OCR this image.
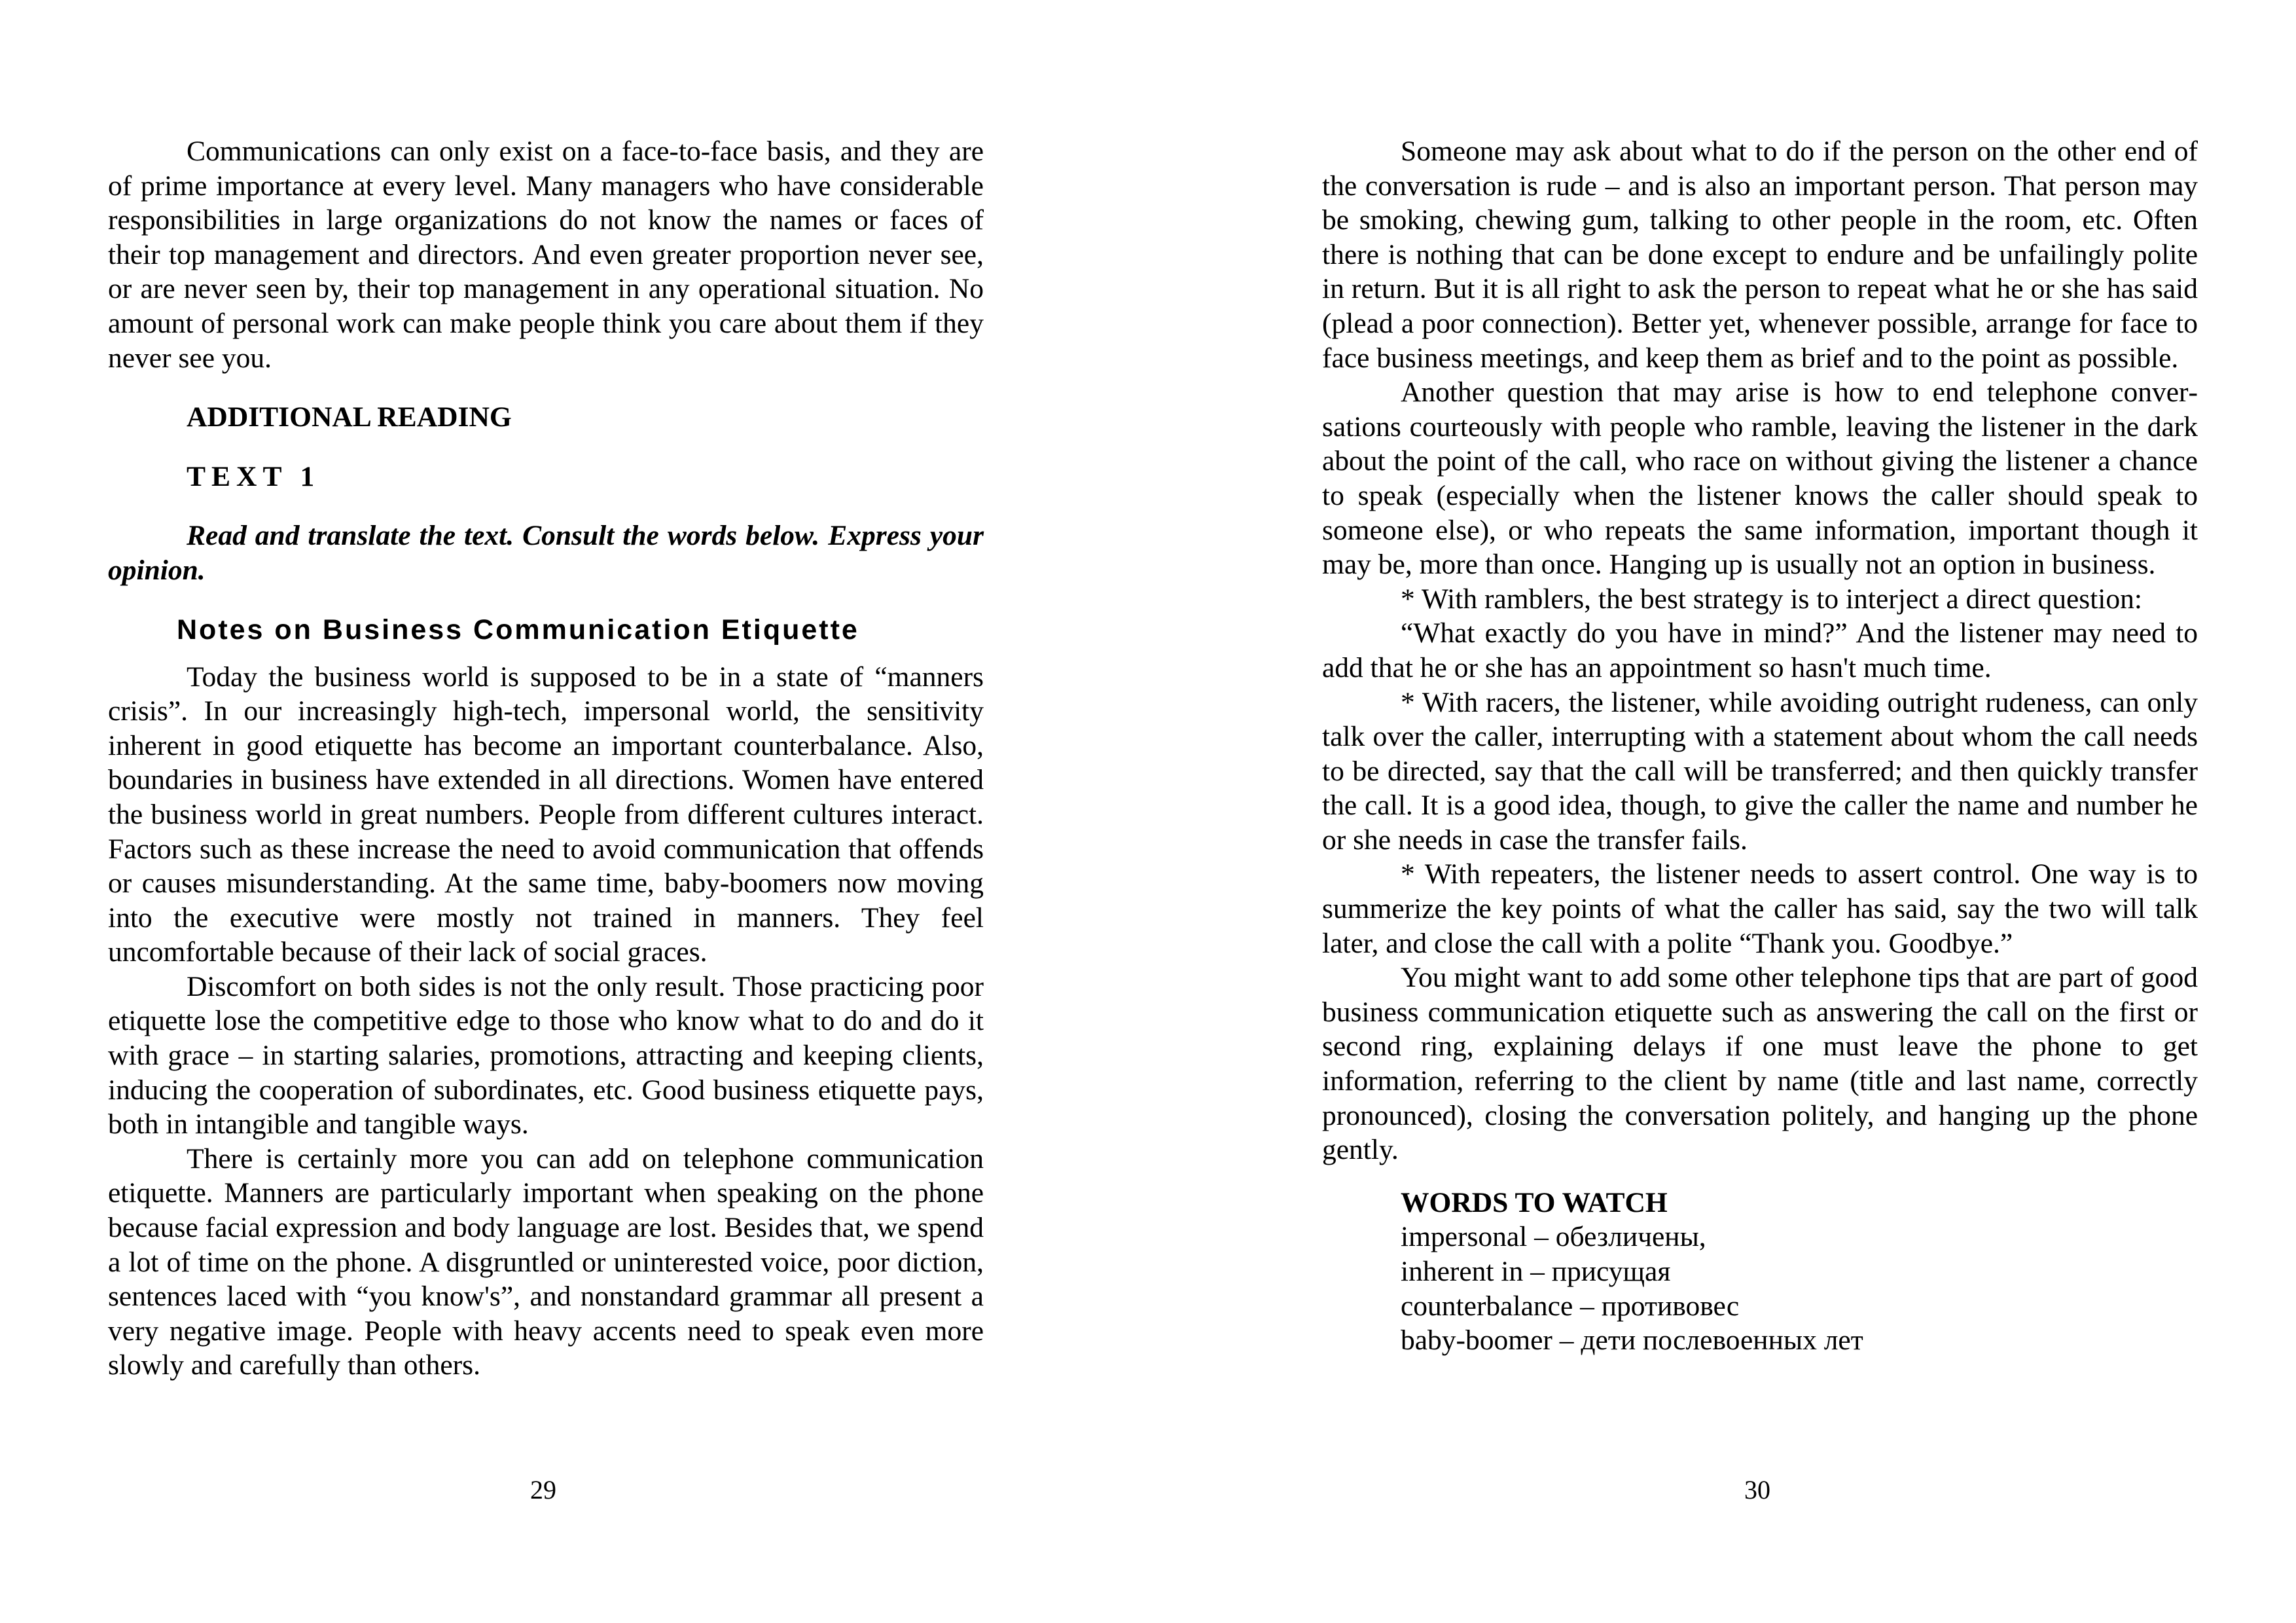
Communications can only exist on a face-to-face basis, and they are of prime importance at every level. Many managers who have considerable responsibilities in large organizations do not know the names or faces of their top management and directors. And even greater proportion never see, or are never seen by, their top management in any operational situation. No amount of personal work can make people think you care about them if they never see you.

ADDITIONAL READING

TEXT 1

Read and translate the text. Consult the words below. Express your opinion.

Notes on Business Communication Etiquette

Today the business world is supposed to be in a state of “manners crisis”. In our increasingly high-tech, impersonal world, the sensitivity inherent in good etiquette has become an important counterbalance. Also, boundaries in business have extended in all directions. Women have entered the business world in great numbers. People from different cultures interact. Factors such as these increase the need to avoid communication that offends or causes misunderstanding. At the same time, baby-boomers now moving into the executive were mostly not trained in manners. They feel uncomfortable because of their lack of social graces.

Discomfort on both sides is not the only result. Those practicing poor etiquette lose the competitive edge to those who know what to do and do it with grace – in starting salaries, promotions, attracting and keeping clients, inducing the cooperation of subordinates, etc. Good business etiquette pays, both in intangible and tangible ways.

There is certainly more you can add on telephone communication etiquette. Manners are particularly important when speaking on the phone because facial expression and body language are lost. Besides that, we spend a lot of time on the phone. A disgruntled or uninterested voice, poor diction, sentences laced with “you know's”, and nonstandard grammar all present a very negative image. People with heavy accents need to speak even more slowly and carefully than others.

29

Someone may ask about what to do if the person on the other end of the conversation is rude – and is also an important person. That person may be smoking, chewing gum, talking to other people in the room, etc. Often there is nothing that can be done except to endure and be unfailingly polite in return. But it is all right to ask the person to repeat what he or she has said (plead a poor connection). Better yet, whenever possible, arrange for face to face business meetings, and keep them as brief and to the point as possible.

Another question that may arise is how to end telephone conversations courteously with people who ramble, leaving the listener in the dark about the point of the call, who race on without giving the listener a chance to speak (especially when the listener knows the caller should speak to someone else), or who repeats the same information, important though it may be, more than once. Hanging up is usually not an option in business.

* With ramblers, the best strategy is to interject a direct question:

“What exactly do you have in mind?” And the listener may need to add that he or she has an appointment so hasn't much time.

* With racers, the listener, while avoiding outright rudeness, can only talk over the caller, interrupting with a statement about whom the call needs to be directed, say that the call will be transferred; and then quickly transfer the call. It is a good idea, though, to give the caller the name and number he or she needs in case the transfer fails.

* With repeaters, the listener needs to assert control. One way is to summerize the key points of what the caller has said, say the two will talk later, and close the call with a polite “Thank you. Goodbye.”

You might want to add some other telephone tips that are part of good business communication etiquette such as answering the call on the first or second ring, explaining delays if one must leave the phone to get information, referring to the client by name (title and last name, correctly pronounced), closing the conversation politely, and hanging up the phone gently.

WORDS TO WATCH
impersonal – обезличены,
inherent in – присущая
counterbalance – противовес
baby-boomer – дети послевоенных лет
30
